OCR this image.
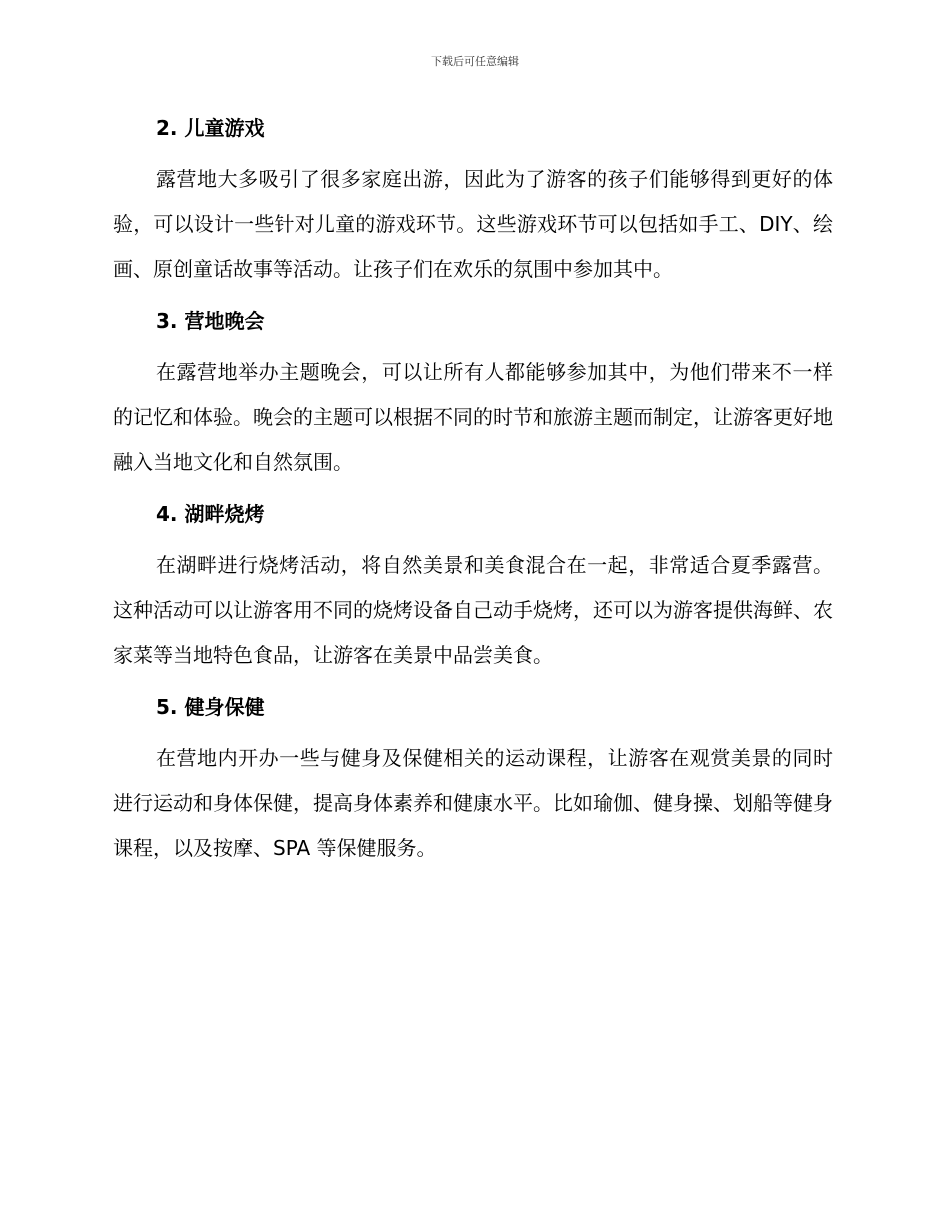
下载后可任意编辑
2. 儿童游戏

露营地大多吸引了很多家庭出游，因此为了游客的孩子们能够得到更好的体验，可以设计一些针对儿童的游戏环节。这些游戏环节可以包括如手工、DIY、绘画、原创童话故事等活动。让孩子们在欢乐的氛围中参加其中。

3. 营地晚会

在露营地举办主题晚会，可以让所有人都能够参加其中，为他们带来不一样的记忆和体验。晚会的主题可以根据不同的时节和旅游主题而制定，让游客更好地融入当地文化和自然氛围。

4. 湖畔烧烤

在湖畔进行烧烤活动，将自然美景和美食混合在一起，非常适合夏季露营。这种活动可以让游客用不同的烧烤设备自己动手烧烤，还可以为游客提供海鲜、农家菜等当地特色食品，让游客在美景中品尝美食。

5. 健身保健

在营地内开办一些与健身及保健相关的运动课程，让游客在观赏美景的同时进行运动和身体保健，提高身体素养和健康水平。比如瑜伽、健身操、划船等健身课程，以及按摩、SPA 等保健服务。
